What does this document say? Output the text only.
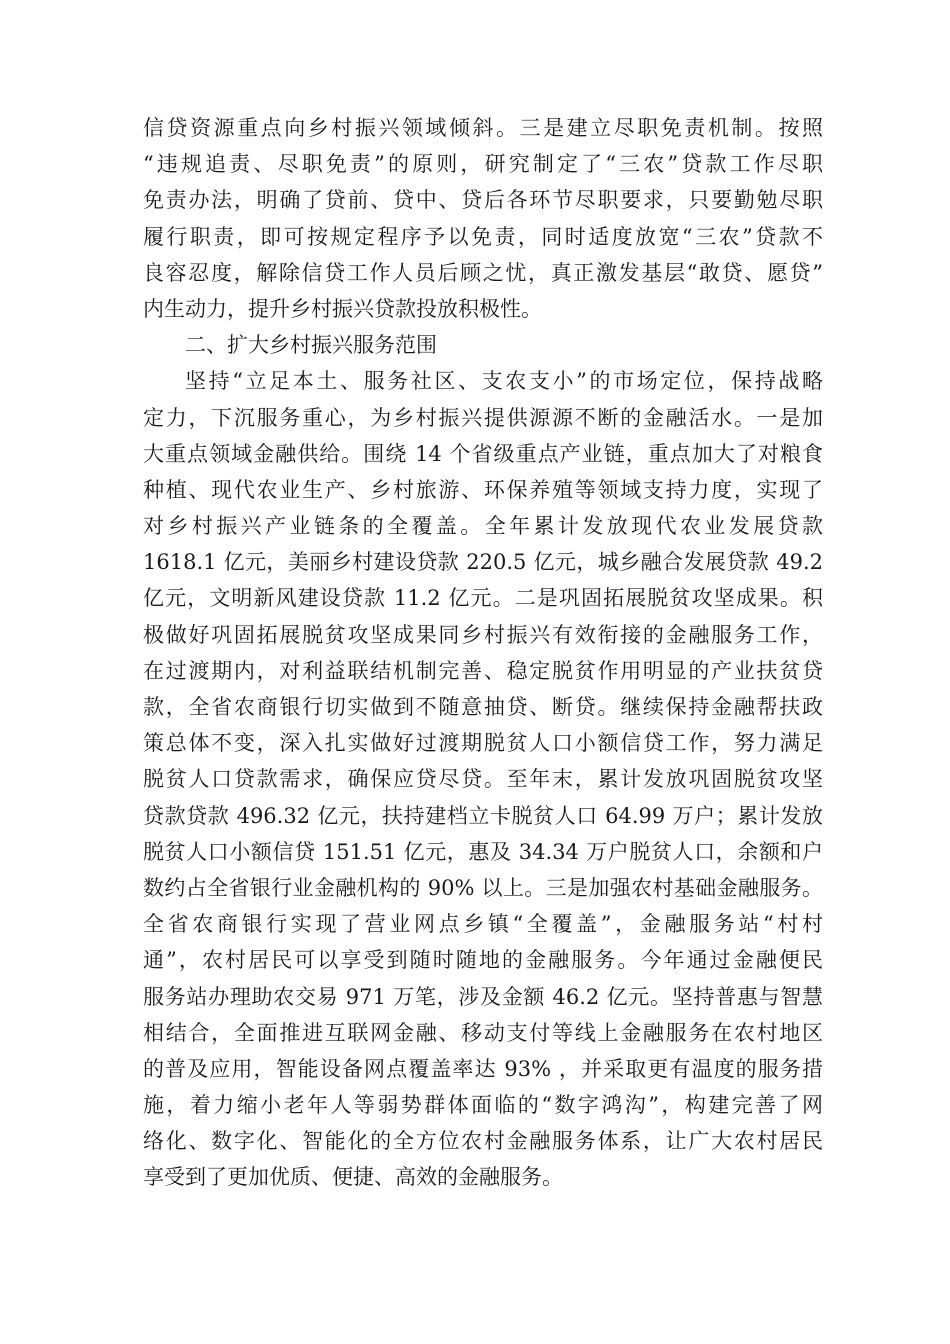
信贷资源重点向乡村振兴领域倾斜。三是建立尽职免责机制。按照
“违规追责、尽职免责”的原则，研究制定了“三农”贷款工作尽职
免责办法，明确了贷前、贷中、贷后各环节尽职要求，只要勤勉尽职
履行职责，即可按规定程序予以免责，同时适度放宽“三农”贷款不
良容忍度，解除信贷工作人员后顾之忧，真正激发基层“敢贷、愿贷”
内生动力，提升乡村振兴贷款投放积极性。
二、扩大乡村振兴服务范围
坚持“立足本土、服务社区、支农支小”的市场定位，保持战略
定力，下沉服务重心，为乡村振兴提供源源不断的金融活水。一是加
大重点领域金融供给。围绕 14 个省级重点产业链，重点加大了对粮食
种植、现代农业生产、乡村旅游、环保养殖等领域支持力度，实现了
对乡村振兴产业链条的全覆盖。全年累计发放现代农业发展贷款
1618.1 亿元，美丽乡村建设贷款 220.5 亿元，城乡融合发展贷款 49.2
亿元，文明新风建设贷款 11.2 亿元。二是巩固拓展脱贫攻坚成果。积
极做好巩固拓展脱贫攻坚成果同乡村振兴有效衔接的金融服务工作，
在过渡期内，对利益联结机制完善、稳定脱贫作用明显的产业扶贫贷
款，全省农商银行切实做到不随意抽贷、断贷。继续保持金融帮扶政
策总体不变，深入扎实做好过渡期脱贫人口小额信贷工作，努力满足
脱贫人口贷款需求，确保应贷尽贷。至年末，累计发放巩固脱贫攻坚
贷款贷款 496.32 亿元，扶持建档立卡脱贫人口 64.99 万户；累计发放
脱贫人口小额信贷 151.51 亿元，惠及 34.34 万户脱贫人口，余额和户
数约占全省银行业金融机构的 90% 以上。三是加强农村基础金融服务。
全省农商银行实现了营业网点乡镇“全覆盖”，金融服务站“村村
通”，农村居民可以享受到随时随地的金融服务。今年通过金融便民
服务站办理助农交易 971 万笔，涉及金额 46.2 亿元。坚持普惠与智慧
相结合，全面推进互联网金融、移动支付等线上金融服务在农村地区
的普及应用，智能设备网点覆盖率达 93% ，并采取更有温度的服务措
施，着力缩小老年人等弱势群体面临的“数字鸿沟”，构建完善了网
络化、数字化、智能化的全方位农村金融服务体系，让广大农村居民
享受到了更加优质、便捷、高效的金融服务。
